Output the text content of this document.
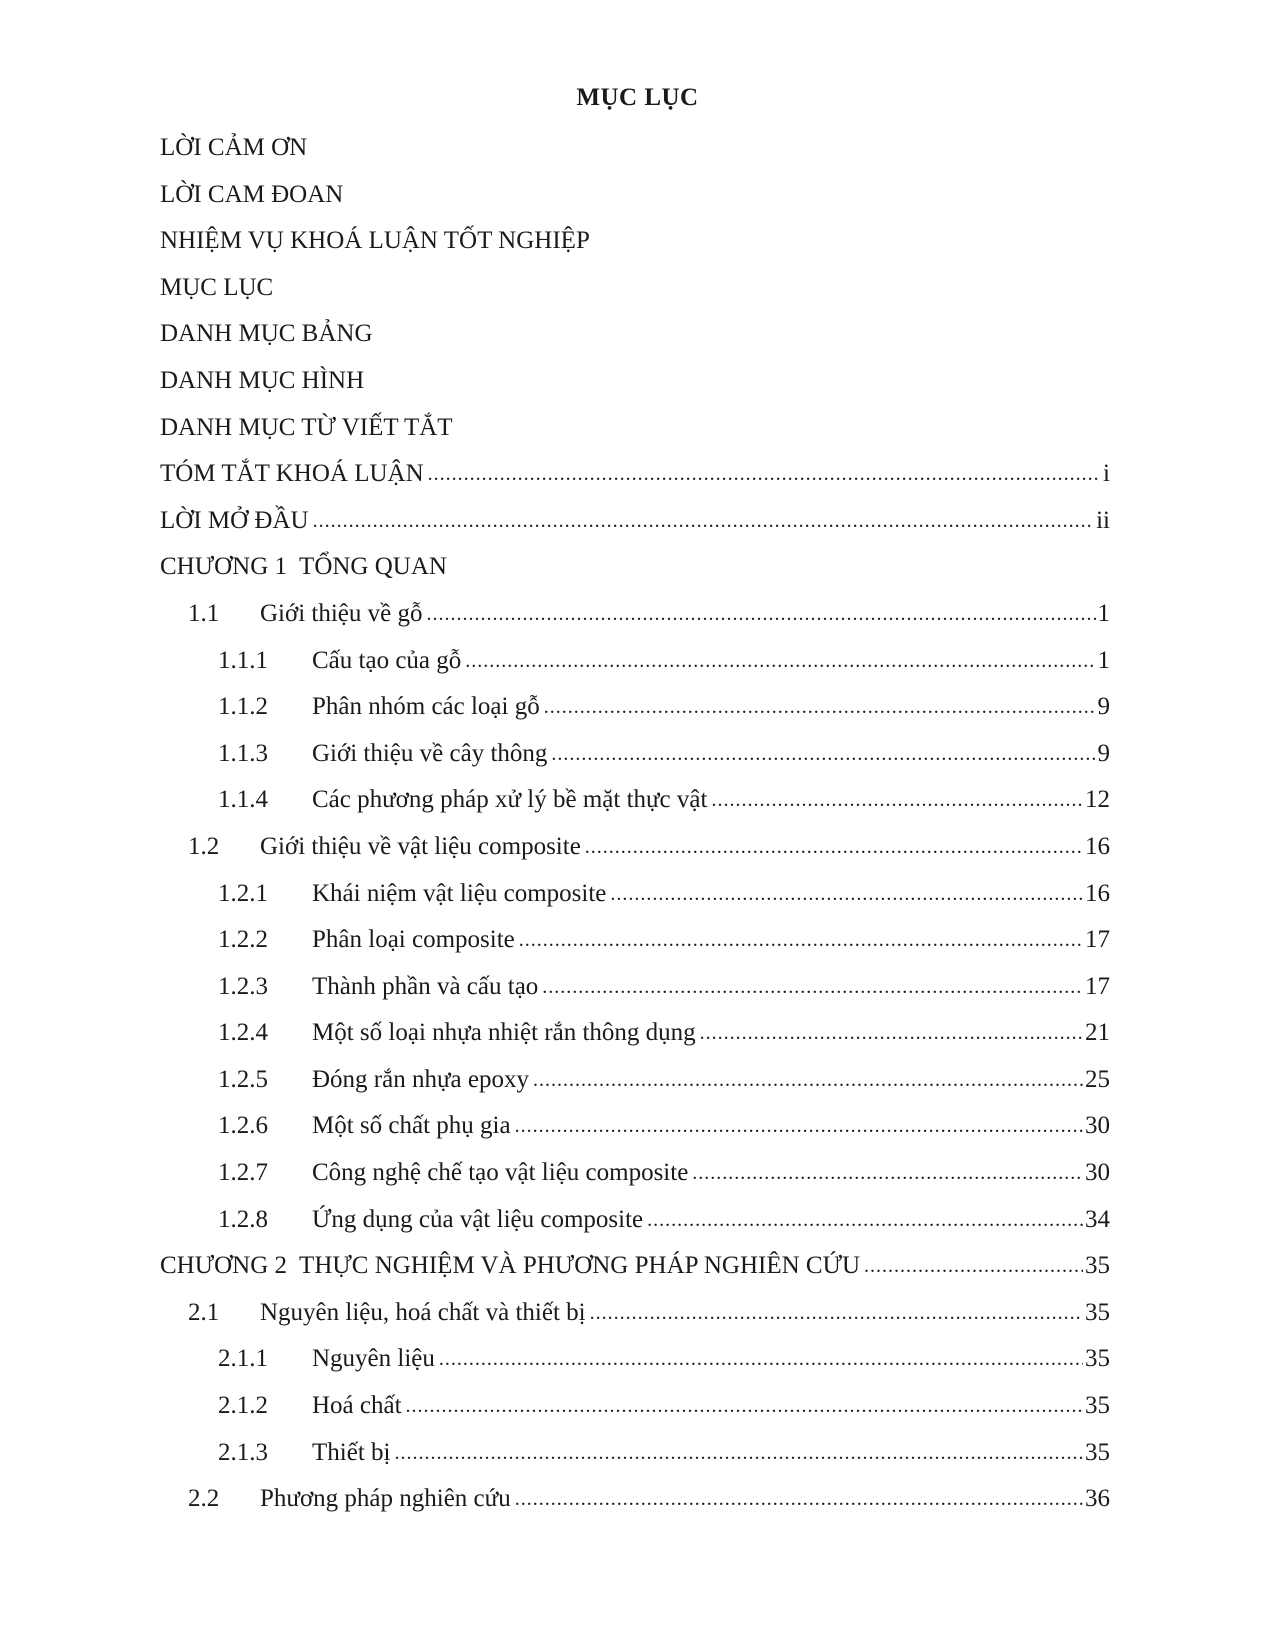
MỤC LỤC
LỜI CẢM ƠN
LỜI CAM ĐOAN
NHIỆM VỤ KHOÁ LUẬN TỐT NGHIỆP
MỤC LỤC
DANH MỤC BẢNG
DANH MỤC HÌNH
DANH MỤC TỪ VIẾT TẮT
TÓM TẮT KHOÁ LUẬN .....	i
LỜI MỞ ĐẦU .....	ii
CHƯƠNG 1 TỔNG QUAN
1.1	Giới thiệu về gỗ .....	1
1.1.1	Cấu tạo của gỗ .....	1
1.1.2	Phân nhóm các loại gỗ .....	9
1.1.3	Giới thiệu về cây thông .....	9
1.1.4	Các phương pháp xử lý bề mặt thực vật .....	12
1.2	Giới thiệu về vật liệu composite .....	16
1.2.1	Khái niệm vật liệu composite .....	16
1.2.2	Phân loại composite .....	17
1.2.3	Thành phần và cấu tạo .....	17
1.2.4	Một số loại nhựa nhiệt rắn thông dụng .....	21
1.2.5	Đóng rắn nhựa epoxy .....	25
1.2.6	Một số chất phụ gia .....	30
1.2.7	Công nghệ chế tạo vật liệu composite .....	30
1.2.8	Ứng dụng của vật liệu composite .....	34
CHƯƠNG 2 THỰC NGHIỆM VÀ PHƯƠNG PHÁP NGHIÊN CỨU .....	35
2.1	Nguyên liệu, hoá chất và thiết bị .....	35
2.1.1	Nguyên liệu .....	35
2.1.2	Hoá chất .....	35
2.1.3	Thiết bị .....	35
2.2	Phương pháp nghiên cứu .....	36
